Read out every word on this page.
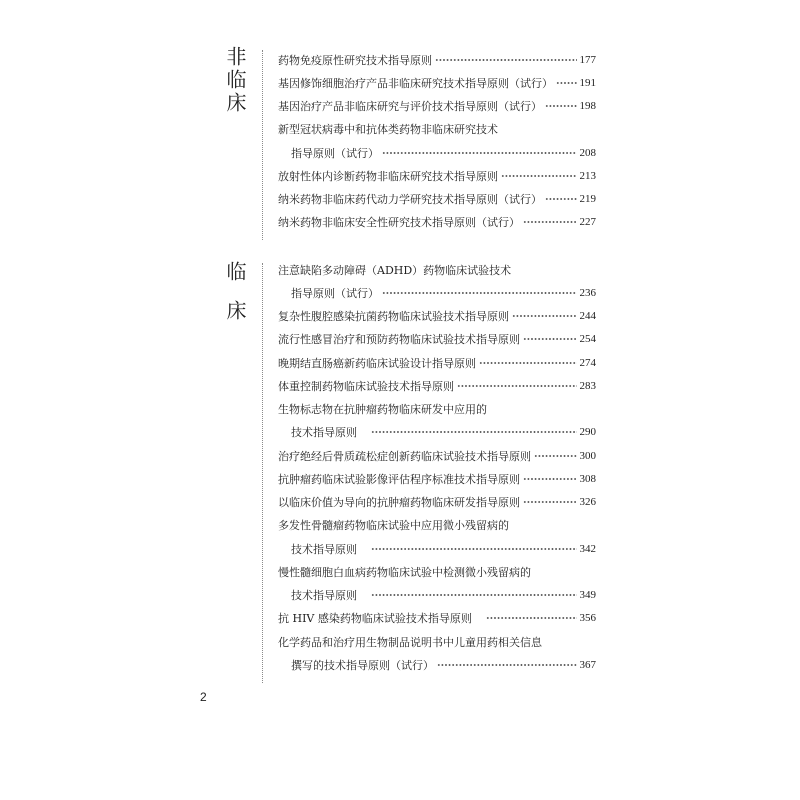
非临床
临床
药物免疫原性研究技术指导原则	177
基因修饰细胞治疗产品非临床研究技术指导原则（试行） 191
基因治疗产品非临床研究与评价技术指导原则（试行）	198
新型冠状病毒中和抗体类药物非临床研究技术
指导原则（试行）	208
放射性体内诊断药物非临床研究技术指导原则	213
纳米药物非临床药代动力学研究技术指导原则（试行）	219
纳米药物非临床安全性研究技术指导原则（试行）	227
注意缺陷多动障碍（ADHD）药物临床试验技术
指导原则（试行）	236
复杂性腹腔感染抗菌药物临床试验技术指导原则	244
流行性感冒治疗和预防药物临床试验技术指导原则	254
晚期结直肠癌新药临床试验设计指导原则	274
体重控制药物临床试验技术指导原则	283
生物标志物在抗肿瘤药物临床研发中应用的
技术指导原则	290
治疗绝经后骨质疏松症创新药临床试验技术指导原则	300
抗肿瘤药临床试验影像评估程序标准技术指导原则	308
以临床价值为导向的抗肿瘤药物临床研发指导原则	326
多发性骨髓瘤药物临床试验中应用微小残留病的
技术指导原则	342
慢性髓细胞白血病药物临床试验中检测微小残留病的
技术指导原则	349
抗 HIV 感染药物临床试验技术指导原则	356
化学药品和治疗用生物制品说明书中儿童用药相关信息
撰写的技术指导原则（试行）	367
2
